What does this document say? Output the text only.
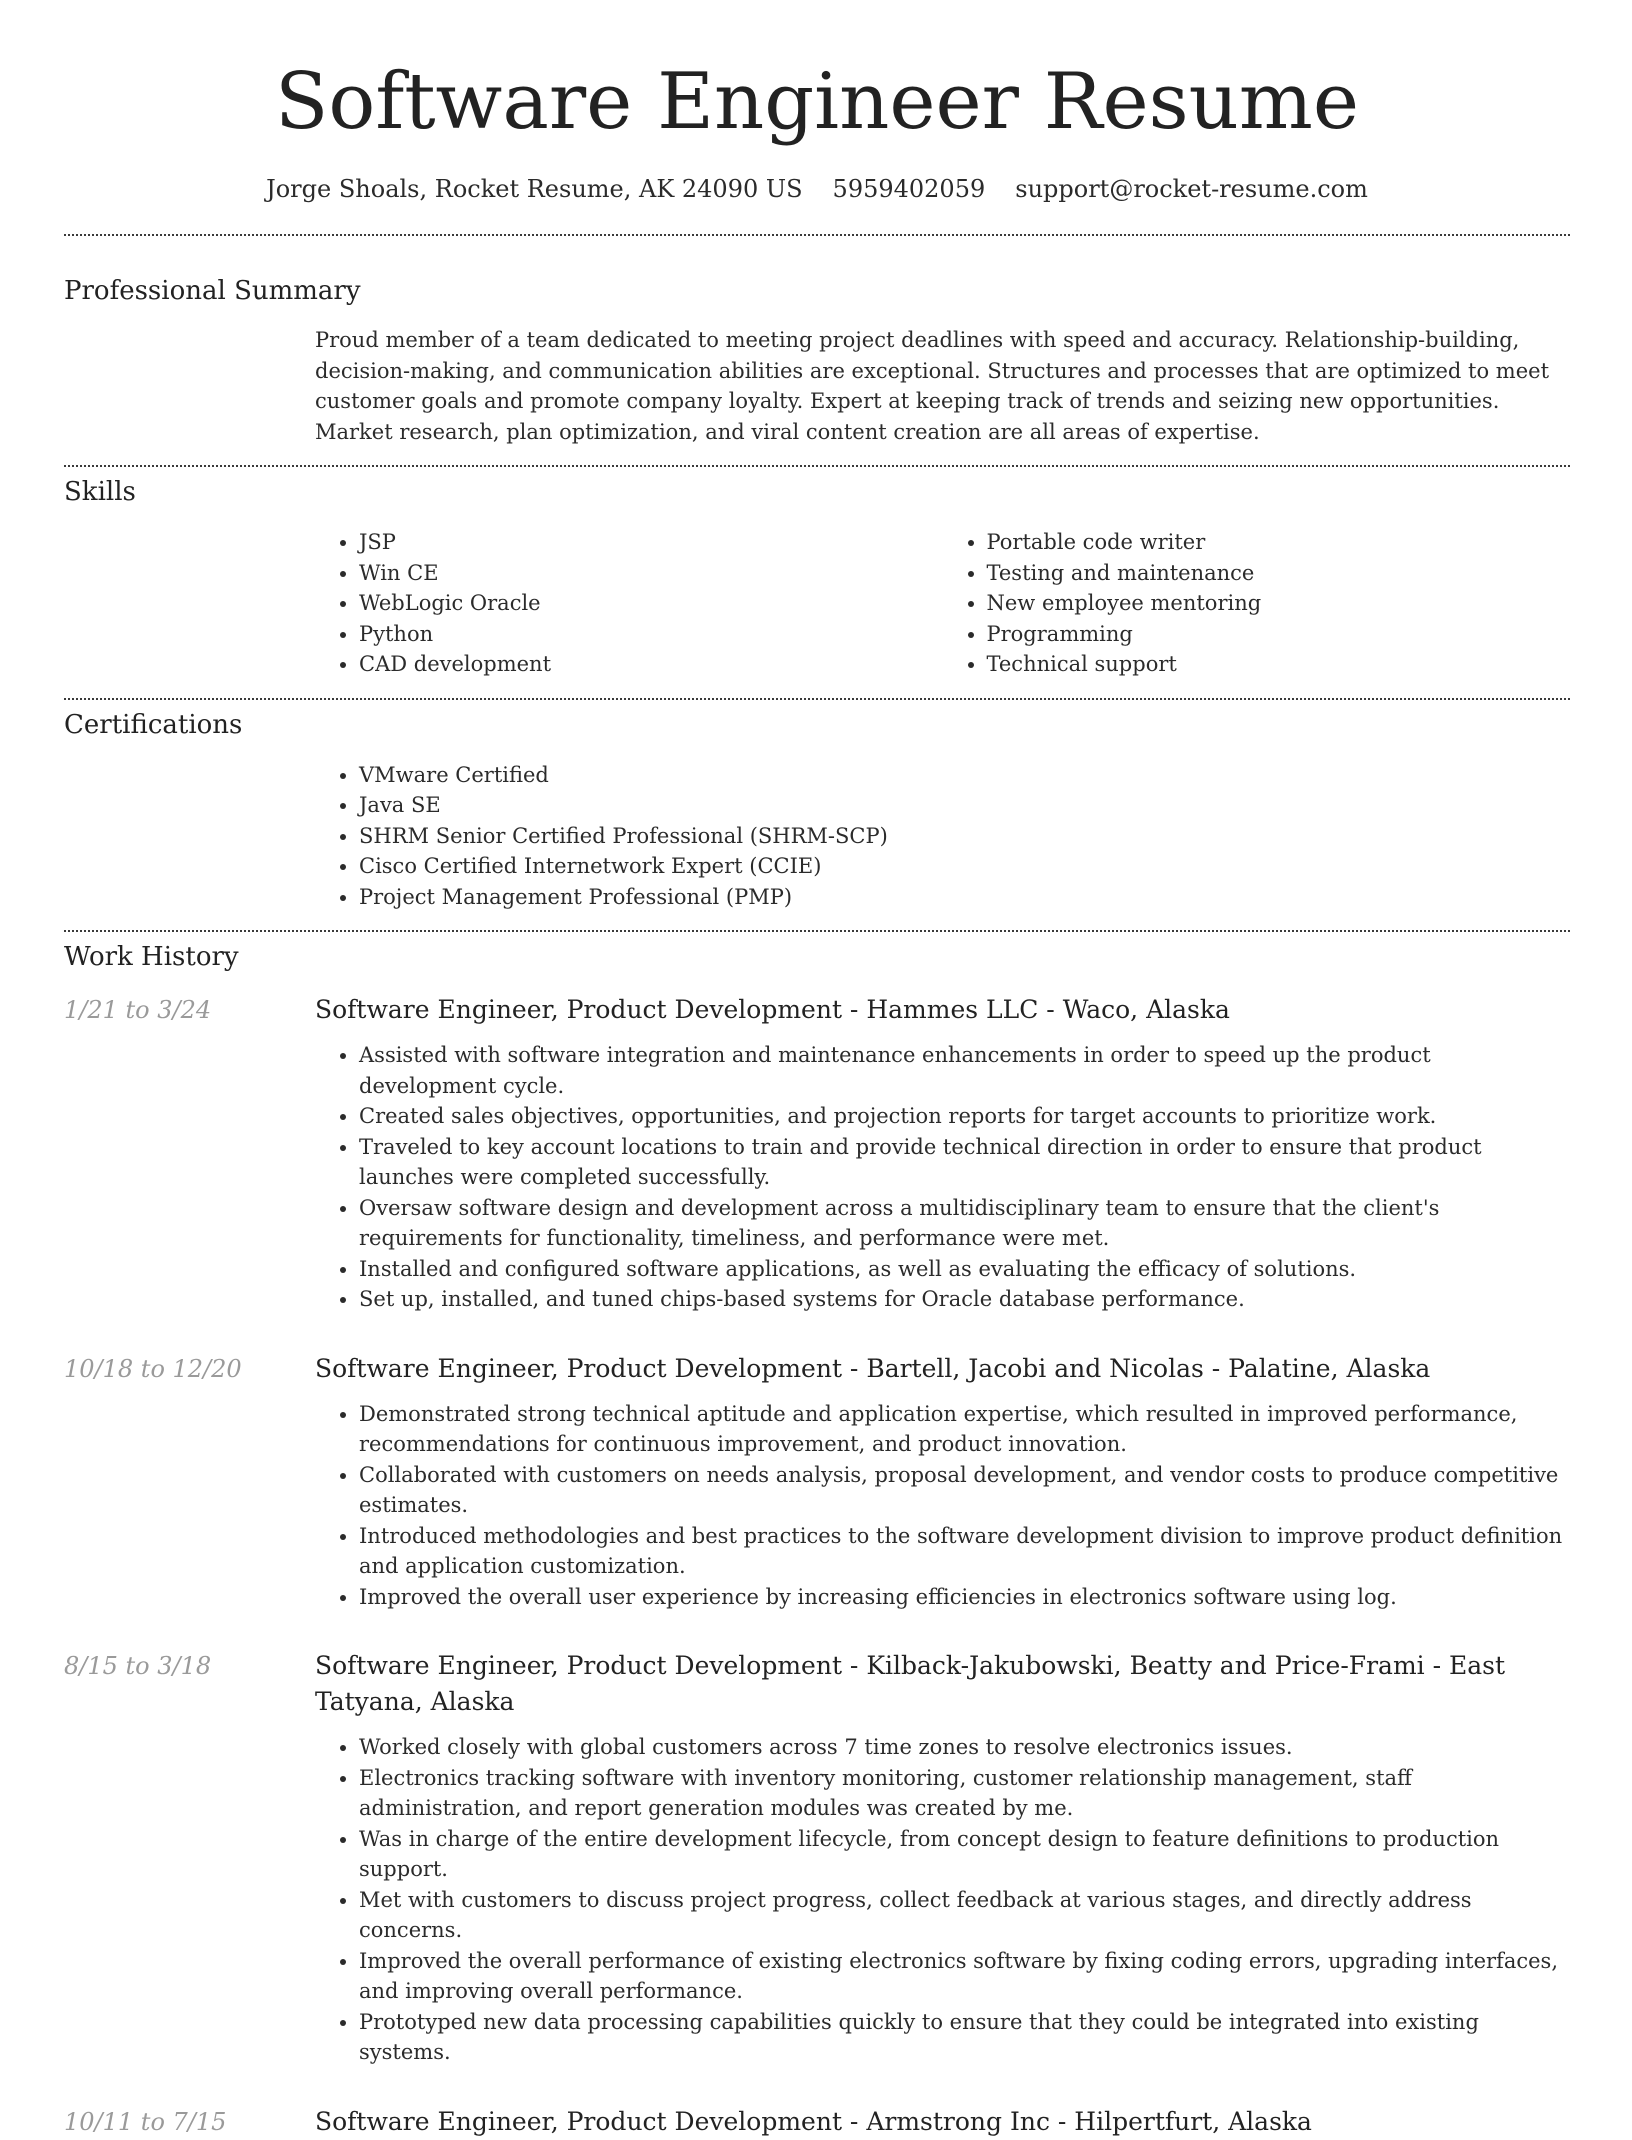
Software Engineer Resume
Jorge Shoals, Rocket Resume, AK 24090 US 5959402059 support@rocket-resume.com
Professional Summary

Proud member of a team dedicated to meeting project deadlines with speed and accuracy. Relationship-building, decision-making, and communication abilities are exceptional. Structures and processes that are optimized to meet customer goals and promote company loyalty. Expert at keeping track of trends and seizing new opportunities. Market research, plan optimization, and viral content creation are all areas of expertise.

Skills
• JSP
• Win CE
• WebLogic Oracle
• Python
• CAD development
• Portable code writer
• Testing and maintenance
• New employee mentoring
• Programming
• Technical support
Certifications
• VMware Certified
• Java SE
• SHRM Senior Certified Professional (SHRM-SCP)
• Cisco Certified Internetwork Expert (CCIE)
• Project Management Professional (PMP)
Work History
1/21 to 3/24	Software Engineer, Product Development - Hammes LLC - Waco, Alaska
• Assisted with software integration and maintenance enhancements in order to speed up the product development cycle.
• Created sales objectives, opportunities, and projection reports for target accounts to prioritize work.
• Traveled to key account locations to train and provide technical direction in order to ensure that product launches were completed successfully.
• Oversaw software design and development across a multidisciplinary team to ensure that the client's requirements for functionality, timeliness, and performance were met.
• Installed and configured software applications, as well as evaluating the efficacy of solutions.
• Set up, installed, and tuned chips-based systems for Oracle database performance.
10/18 to 12/20	Software Engineer, Product Development - Bartell, Jacobi and Nicolas - Palatine, Alaska
• Demonstrated strong technical aptitude and application expertise, which resulted in improved performance, recommendations for continuous improvement, and product innovation.
• Collaborated with customers on needs analysis, proposal development, and vendor costs to produce competitive estimates.
• Introduced methodologies and best practices to the software development division to improve product definition and application customization.
• Improved the overall user experience by increasing efficiencies in electronics software using log.
8/15 to 3/18	Software Engineer, Product Development - Kilback-Jakubowski, Beatty and Price-Frami - East Tatyana, Alaska
• Worked closely with global customers across 7 time zones to resolve electronics issues.
• Electronics tracking software with inventory monitoring, customer relationship management, staff administration, and report generation modules was created by me.
• Was in charge of the entire development lifecycle, from concept design to feature definitions to production support.
• Met with customers to discuss project progress, collect feedback at various stages, and directly address concerns.
• Improved the overall performance of existing electronics software by fixing coding errors, upgrading interfaces, and improving overall performance.
• Prototyped new data processing capabilities quickly to ensure that they could be integrated into existing systems.
10/11 to 7/15	Software Engineer, Product Development - Armstrong Inc - Hilpertfurt, Alaska
